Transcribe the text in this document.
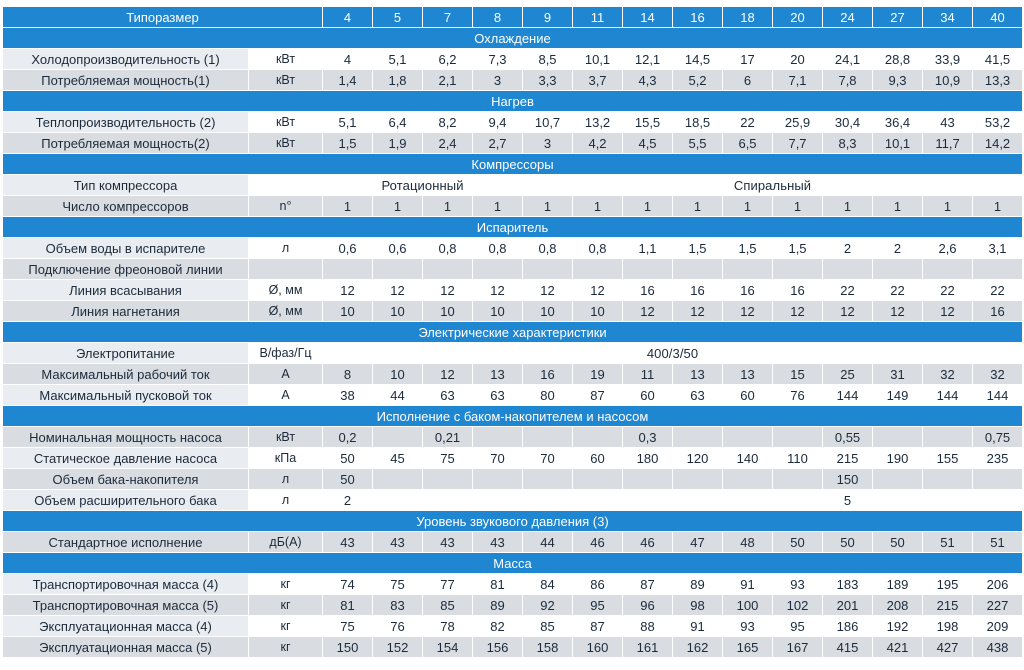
Типоразмер		4	5	7	8	9	11	14	16	18	20	24	27	34	40
Охлаждение															
Холодопроизводительность (1)	кВт	4	5,1	6,2	7,3	8,5	10,1	12,1	14,5	17	20	24,1	28,8	33,9	41,5
Потребляемая мощность(1)	кВт	1,4	1,8	2,1	3	3,3	3,7	4,3	5,2	6	7,1	7,8	9,3	10,9	13,3
Нагрев															
Теплопроизводительность (2)	кВт	5,1	6,4	8,2	9,4	10,7	13,2	15,5	18,5	22	25,9	30,4	36,4	43	53,2
Потребляемая мощность(2)	кВт	1,5	1,9	2,4	2,7	3	4,2	4,5	5,5	6,5	7,7	8,3	10,1	11,7	14,2
Компрессоры															
Тип компрессора		Ротационный				Спиральный									
Число компрессоров	n°	1	1	1	1	1	1	1	1	1	1	1	1	1	1
Испаритель															
Объем воды в испарителе	л	0,6	0,6	0,8	0,8	0,8	0,8	1,1	1,5	1,5	1,5	2	2	2,6	3,1
Подключение фреоновой линии															
Линия всасывания	Ø, мм	12	12	12	12	12	12	16	16	16	16	22	22	22	22
Линия нагнетания	Ø, мм	10	10	10	10	10	10	12	12	12	12	12	12	12	16
Электрические характеристики															
Электропитание	В/фаз/Гц	400/3/50													
Максимальный рабочий ток	А	8	10	12	13	16	19	11	13	13	15	25	31	32	32
Максимальный пусковой ток	А	38	44	63	63	80	87	60	63	60	76	144	149	144	144
Исполнение с баком-накопителем и насосом															
Номинальная мощность насоса	кВт	0,2		0,21				0,3				0,55			0,75
Статическое давление насоса	кПа	50	45	75	70	70	60	180	120	140	110	215	190	155	235
Объем бака-накопителя	л	50										150			
Объем расширительного бака	л	2										5			
Уровень звукового давления (3)															
Стандартное исполнение	дБ(А)	43	43	43	43	44	46	46	47	48	50	50	50	51	51
Масса															
Транспортировочная масса (4)	кг	74	75	77	81	84	86	87	89	91	93	183	189	195	206
Транспортировочная масса (5)	кг	81	83	85	89	92	95	96	98	100	102	201	208	215	227
Эксплуатационная масса (4)	кг	75	76	78	82	85	87	88	91	93	95	186	192	198	209
Эксплуатационная масса (5)	кг	150	152	154	156	158	160	161	162	165	167	415	421	427	438
